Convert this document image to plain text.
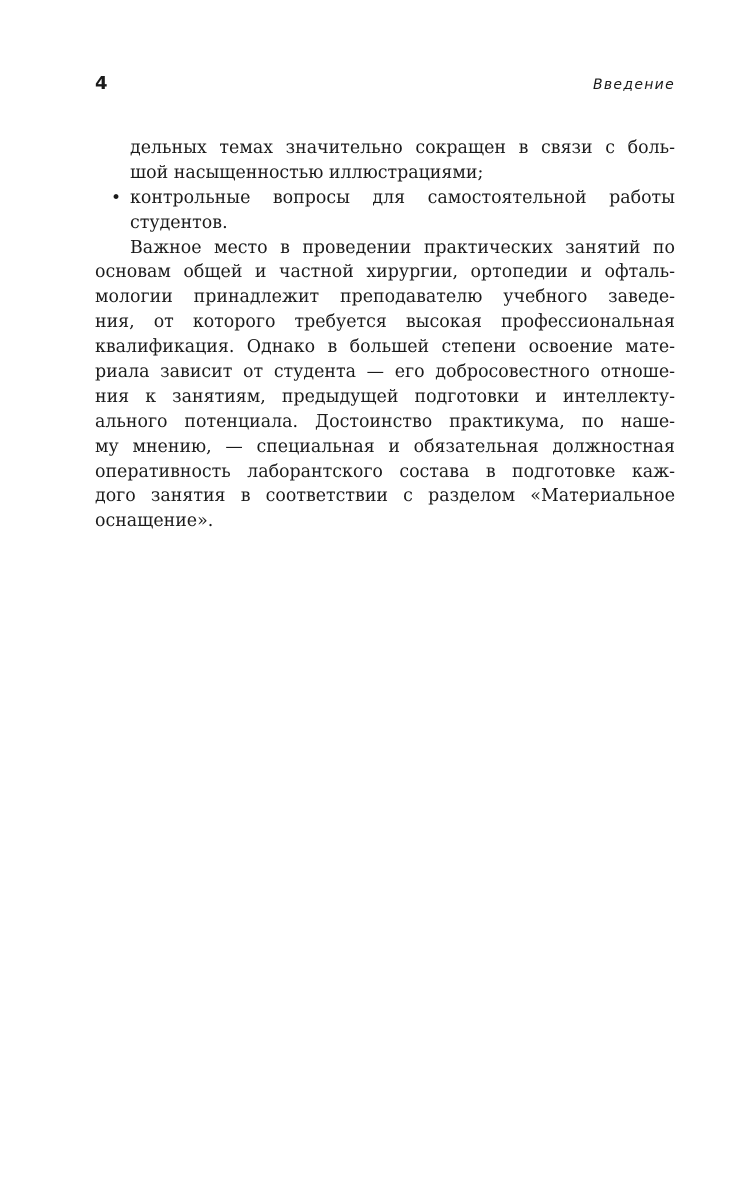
4	Введение
дельных темах значительно сокращен в связи с боль-
шой насыщенностью иллюстрациями;
• контрольные вопросы для самостоятельной работы
студентов.
Важное место в проведении практических занятий по
основам общей и частной хирургии, ортопедии и офталь-
мологии принадлежит преподавателю учебного заведе-
ния, от которого требуется высокая профессиональная
квалификация. Однако в большей степени освоение мате-
риала зависит от студента — его добросовестного отноше-
ния к занятиям, предыдущей подготовки и интеллекту-
ального потенциала. Достоинство практикума, по нашe-
му мнению, — специальная и обязательная должностная
оперативность лаборантского состава в подготовке каж-
дого занятия в соответствии с разделом «Материальное
оснащение».
